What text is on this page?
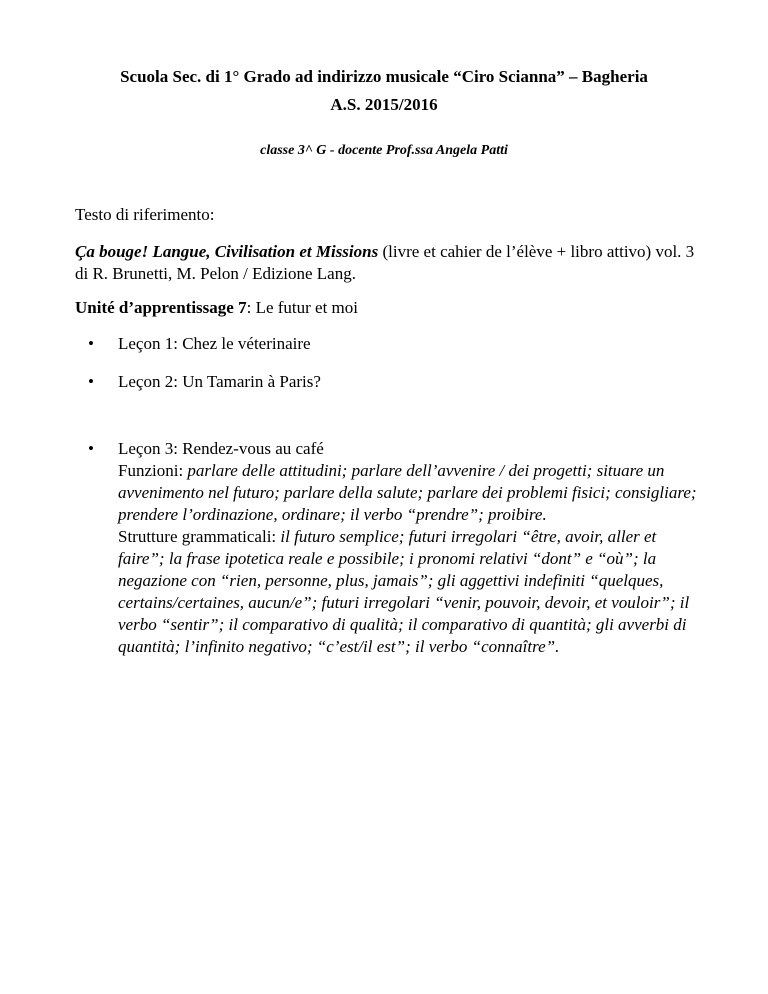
Scuola Sec. di 1° Grado ad indirizzo musicale “Ciro Scianna” – Bagheria
A.S. 2015/2016
classe 3^ G - docente Prof.ssa Angela Patti
Testo di riferimento:
Ça bouge! Langue, Civilisation et Missions (livre et cahier de l’élève + libro attivo) vol. 3 di R. Brunetti, M. Pelon / Edizione Lang.
Unité d’apprentissage 7: Le futur et moi
• Leçon 1: Chez le véterinaire
• Leçon 2: Un Tamarin à Paris?
• Leçon 3: Rendez-vous au café
Funzioni: parlare delle attitudini; parlare dell’avvenire / dei progetti; situare un avvenimento nel futuro; parlare della salute; parlare dei problemi fisici; consigliare; prendere l’ordinazione, ordinare; il verbo “prendre”; proibire.
Strutture grammaticali: il futuro semplice; futuri irregolari “être, avoir, aller et faire”; la frase ipotetica reale e possibile; i pronomi relativi “dont” e “où”; la negazione con “rien, personne, plus, jamais”; gli aggettivi indefiniti “quelques, certains/certaines, aucun/e”; futuri irregolari “venir, pouvoir, devoir, et vouloir”; il verbo “sentir”; il comparativo di qualità; il comparativo di quantità; gli avverbi di quantità; l’infinito negativo; “c’est/il est”; il verbo “connaître”.
